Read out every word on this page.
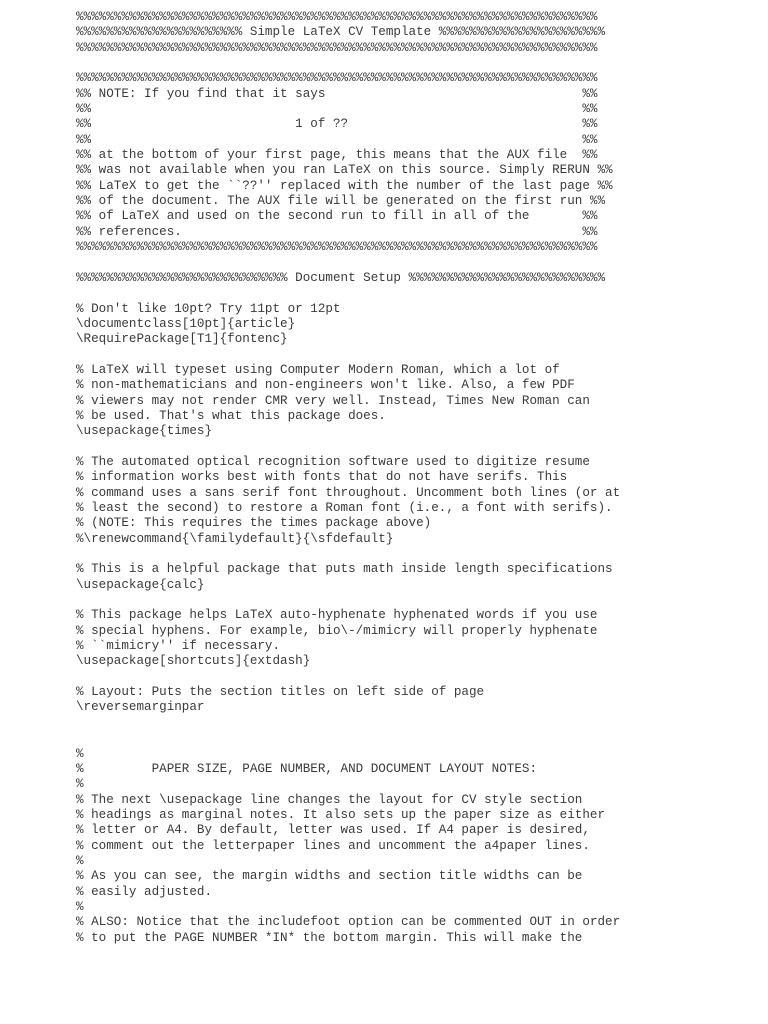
%%%%%%%%%%%%%%%%%%%%%%%%%%%%%%%%%%%%%%%%%%%%%%%%%%%%%%%%%%%%%%%%%%%%%
%%%%%%%%%%%%%%%%%%%%%% Simple LaTeX CV Template %%%%%%%%%%%%%%%%%%%%%%
%%%%%%%%%%%%%%%%%%%%%%%%%%%%%%%%%%%%%%%%%%%%%%%%%%%%%%%%%%%%%%%%%%%%%
%%%%%%%%%%%%%%%%%%%%%%%%%%%%%%%%%%%%%%%%%%%%%%%%%%%%%%%%%%%%%%%%%%%%%
%% NOTE: If you find that it says                                  %%
%%                                                                 %%
%%                           1 of ??                               %%
%%                                                                 %%
%% at the bottom of your first page, this means that the AUX file  %%
%% was not available when you ran LaTeX on this source. Simply RERUN %%
%% LaTeX to get the ``??'' replaced with the number of the last page %%
%% of the document. The AUX file will be generated on the first run %%
%% of LaTeX and used on the second run to fill in all of the       %%
%% references.                                                     %%
%%%%%%%%%%%%%%%%%%%%%%%%%%%%%%%%%%%%%%%%%%%%%%%%%%%%%%%%%%%%%%%%%%%%%
%%%%%%%%%%%%%%%%%%%%%%%%%%%% Document Setup %%%%%%%%%%%%%%%%%%%%%%%%%%
% Don't like 10pt? Try 11pt or 12pt
\documentclass[10pt]{article}
\RequirePackage[T1]{fontenc}
% LaTeX will typeset using Computer Modern Roman, which a lot of
% non-mathematicians and non-engineers won't like. Also, a few PDF
% viewers may not render CMR very well. Instead, Times New Roman can
% be used. That's what this package does.
\usepackage{times}
% The automated optical recognition software used to digitize resume
% information works best with fonts that do not have serifs. This
% command uses a sans serif font throughout. Uncomment both lines (or at
% least the second) to restore a Roman font (i.e., a font with serifs).
% (NOTE: This requires the times package above)
%\renewcommand{\familydefault}{\sfdefault}
% This is a helpful package that puts math inside length specifications
\usepackage{calc}
% This package helps LaTeX auto-hyphenate hyphenated words if you use
% special hyphens. For example, bio\-/mimicry will properly hyphenate
% ``mimicry'' if necessary.
\usepackage[shortcuts]{extdash}
% Layout: Puts the section titles on left side of page
\reversemarginpar
%
%         PAPER SIZE, PAGE NUMBER, AND DOCUMENT LAYOUT NOTES:
%
% The next \usepackage line changes the layout for CV style section
% headings as marginal notes. It also sets up the paper size as either
% letter or A4. By default, letter was used. If A4 paper is desired,
% comment out the letterpaper lines and uncomment the a4paper lines.
%
% As you can see, the margin widths and section title widths can be
% easily adjusted.
%
% ALSO: Notice that the includefoot option can be commented OUT in order
% to put the PAGE NUMBER *IN* the bottom margin. This will make the
